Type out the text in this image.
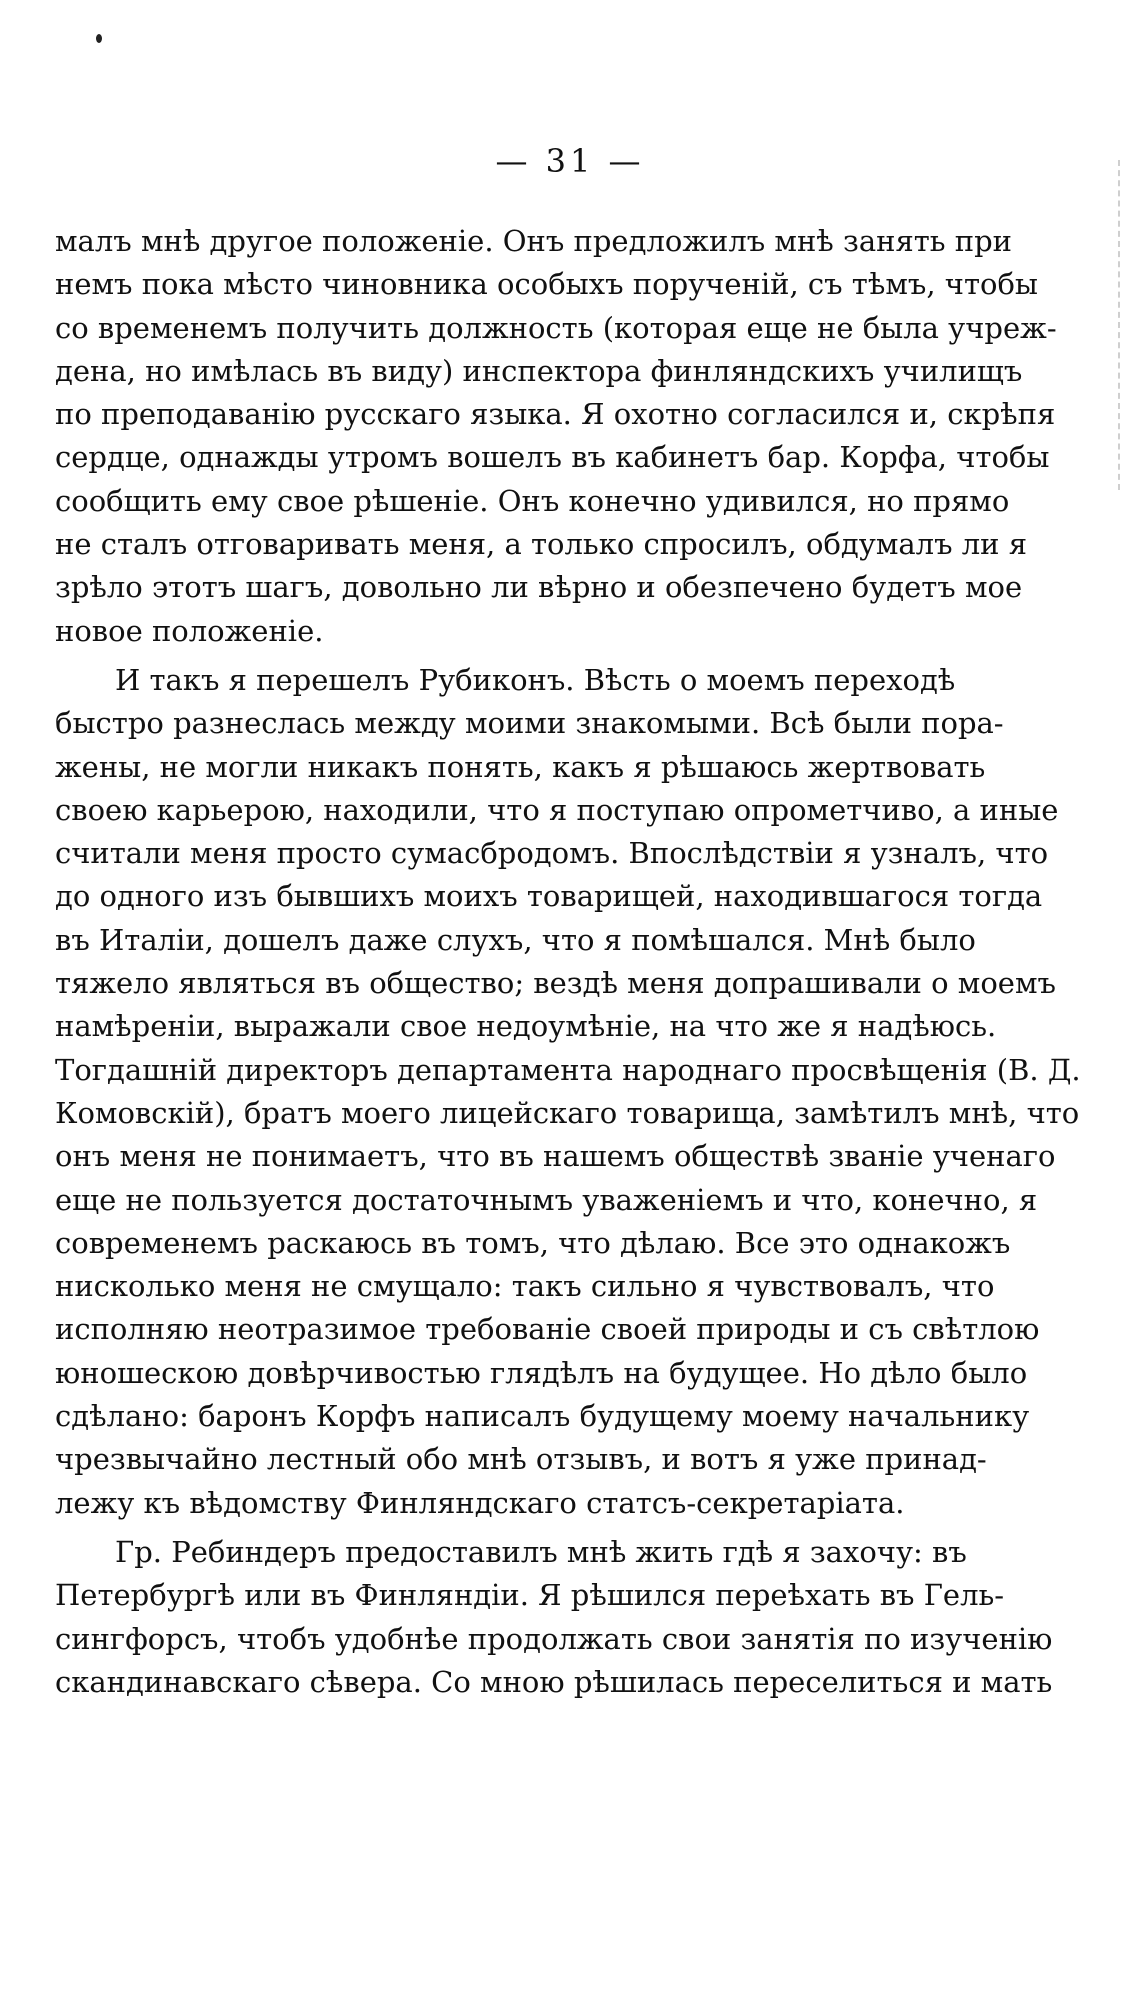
— 31 —
малъ мнѣ другое положеніе. Онъ предложилъ мнѣ занять при
немъ пока мѣсто чиновника особыхъ порученій, съ тѣмъ, чтобы
со временемъ получить должность (которая еще не была учреж-
дена, но имѣлась въ виду) инспектора финляндскихъ училищъ
по преподаванію русскаго языка. Я охотно согласился и, скрѣпя
сердце, однажды утромъ вошелъ въ кабинетъ бар. Корфа, чтобы
сообщить ему свое рѣшеніе. Онъ конечно удивился, но прямо
не сталъ отговаривать меня, а только спросилъ, обдумалъ ли я
зрѣло этотъ шагъ, довольно ли вѣрно и обезпечено будетъ мое
новое положеніе.
И такъ я перешелъ Рубиконъ. Вѣсть о моемъ переходѣ
быстро разнеслась между моими знакомыми. Всѣ были пора-
жены, не могли никакъ понять, какъ я рѣшаюсь жертвовать
своею карьерою, находили, что я поступаю опрометчиво, а иные
считали меня просто сумасбродомъ. Впослѣдствіи я узналъ, что
до одного изъ бывшихъ моихъ товарищей, находившагося тогда
въ Италіи, дошелъ даже слухъ, что я помѣшался. Мнѣ было
тяжело являться въ общество; вездѣ меня допрашивали о моемъ
намѣреніи, выражали свое недоумѣніе, на что же я надѣюсь.
Тогдашній директоръ департамента народнаго просвѣщенія (В. Д.
Комовскій), братъ моего лицейскаго товарища, замѣтилъ мнѣ, что
онъ меня не понимаетъ, что въ нашемъ обществѣ званіе ученаго
еще не пользуется достаточнымъ уваженіемъ и что, конечно, я
современемъ раскаюсь въ томъ, что дѣлаю. Все это однакожъ
нисколько меня не смущало: такъ сильно я чувствовалъ, что
исполняю неотразимое требованіе своей природы и съ свѣтлою
юношескою довѣрчивостью глядѣлъ на будущее. Но дѣло было
сдѣлано: баронъ Корфъ написалъ будущему моему начальнику
чрезвычайно лестный обо мнѣ отзывъ, и вотъ я уже принад-
лежу къ вѣдомству Финляндскаго статсъ-секретаріата.
Гр. Ребиндеръ предоставилъ мнѣ жить гдѣ я захочу: въ
Петербургѣ или въ Финляндіи. Я рѣшился переѣхать въ Гель-
сингфорсъ, чтобъ удобнѣе продолжать свои занятія по изученію
скандинавскаго сѣвера. Со мною рѣшилась переселиться и мать
